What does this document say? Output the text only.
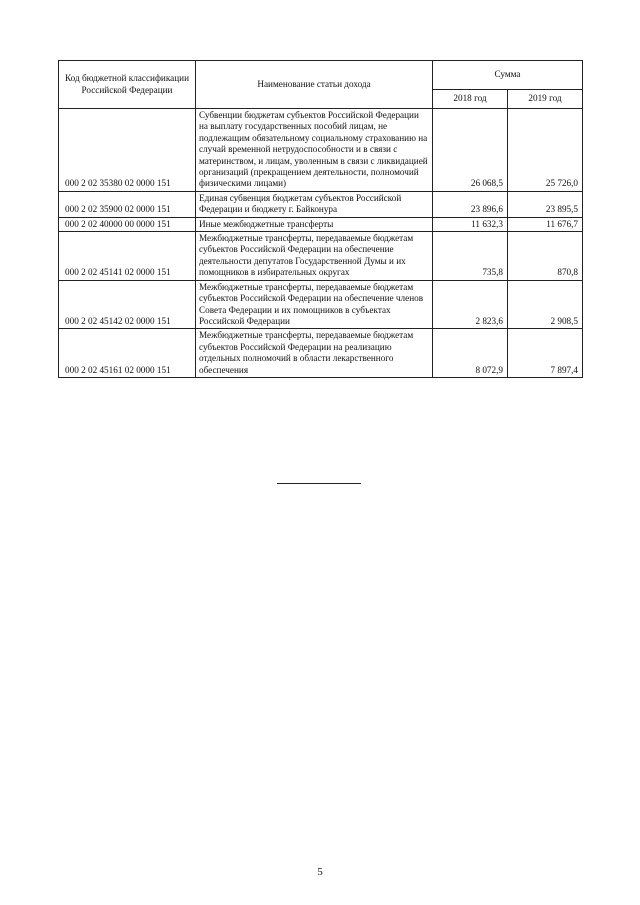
Код бюджетной классификации Российской Федерации	Наименование статьи дохода	Сумма	
		2018 год	2019 год
000 2 02 35380 02 0000 151	Субвенции бюджетам субъектов Российской Федерации на выплату государственных пособий лицам, не подлежащим обязательному социальному страхованию на случай временной нетрудоспособности и в связи с материнством, и лицам, уволенным в связи с ликвидацией организаций (прекращением деятельности, полномочий физическими лицами)	26 068,5	25 726,0
000 2 02 35900 02 0000 151	Единая субвенция бюджетам субъектов Российской Федерации и бюджету г. Байконура	23 896,6	23 895,5
000 2 02 40000 00 0000 151	Иные межбюджетные трансферты	11 632,3	11 676,7
000 2 02 45141 02 0000 151	Межбюджетные трансферты, передаваемые бюджетам субъектов Российской Федерации на обеспечение деятельности депутатов Государственной Думы и их помощников в избирательных округах	735,8	870,8
000 2 02 45142 02 0000 151	Межбюджетные трансферты, передаваемые бюджетам субъектов Российской Федерации на обеспечение членов Совета Федерации и их помощников в субъектах Российской Федерации	2 823,6	2 908,5
000 2 02 45161 02 0000 151	Межбюджетные трансферты, передаваемые бюджетам субъектов Российской Федерации на реализацию отдельных полномочий в области лекарственного обеспечения	8 072,9	7 897,4
5
